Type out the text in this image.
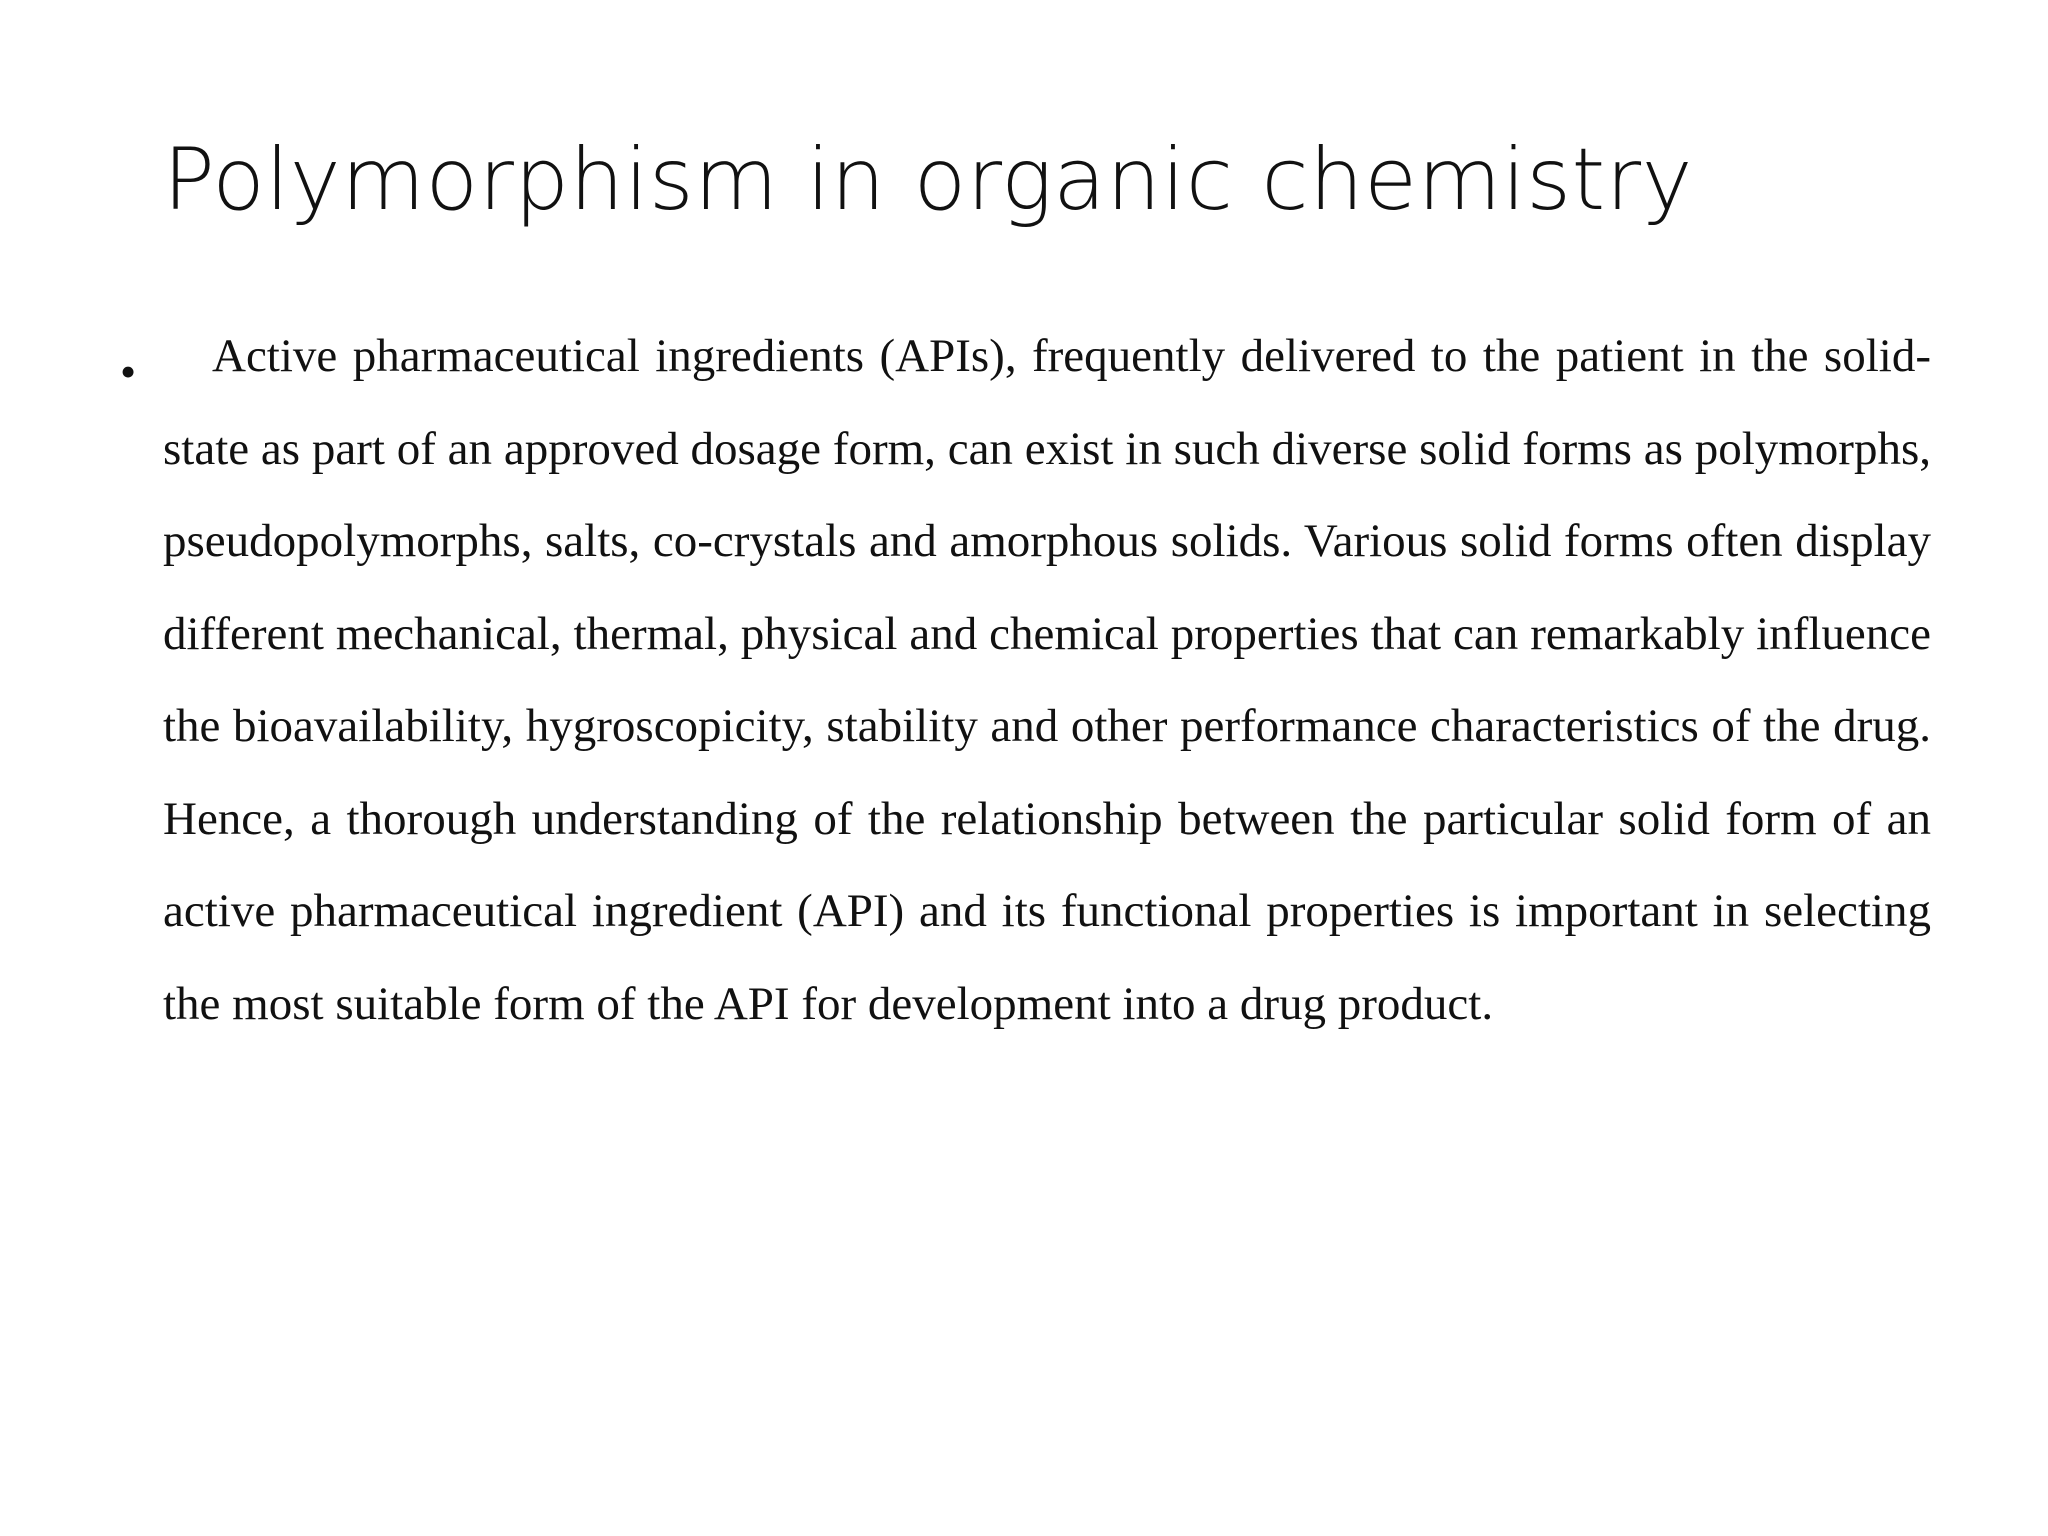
Polymorphism in organic chemistry
•	Active pharmaceutical ingredients (APIs), frequently delivered to the patient in the solid-state as part of an approved dosage form, can exist in such diverse solid forms as polymorphs, pseudopolymorphs, salts, co-crystals and amorphous solids. Various solid forms often display different mechanical, thermal, physical and chemical properties that can remarkably influence the bioavailability, hygroscopicity, stability and other performance characteristics of the drug. Hence, a thorough understanding of the relationship between the particular solid form of an active pharmaceutical ingredient (API) and its functional properties is important in selecting the most suitable form of the API for development into a drug product.
